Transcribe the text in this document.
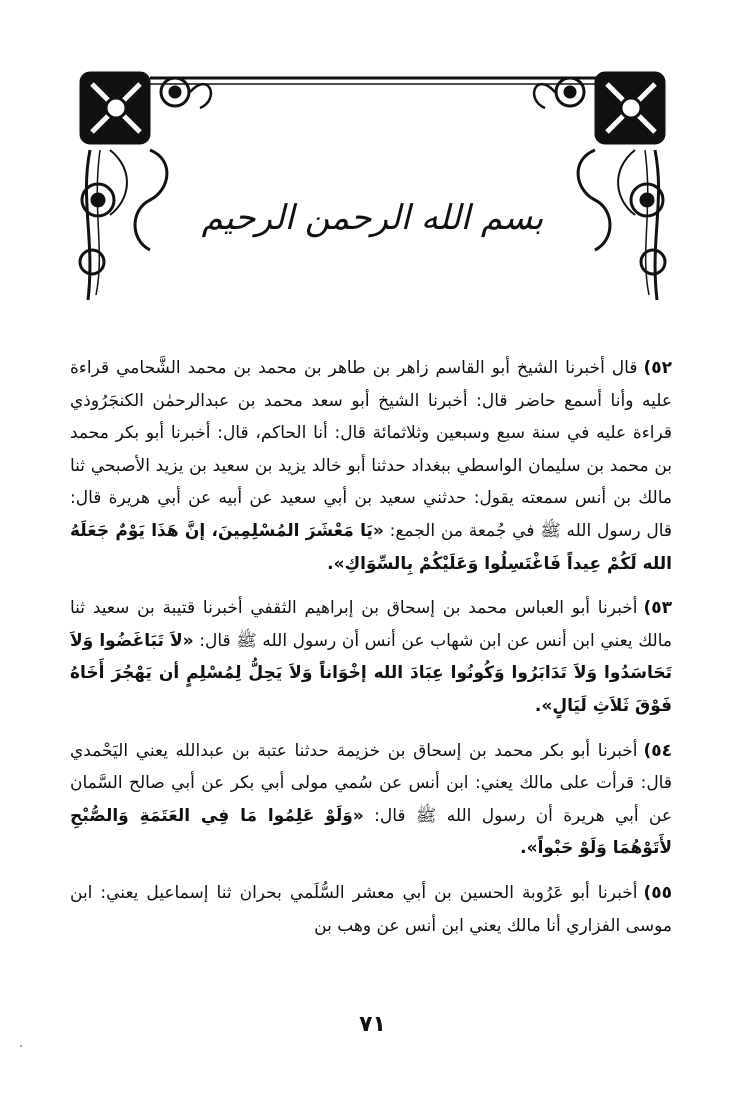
بسم الله الرحمن الرحيم

٥٢)قال أخبرنا الشيخ أبو القاسم زاهر بن طاهر بن محمد بن محمد الشَّحامي قراءة عليه وأنا أسمع حاضر قال: أخبرنا الشيخ أبو سعد محمد بن عبدالرحمٰن الكنجَرُوذي قراءة عليه في سنة سبع وسبعين وثلاثمائة قال: أنا الحاكم، قال: أخبرنا أبو بكر محمد بن محمد بن سليمان الواسطي ببغداد حدثنا أبو خالد يزيد بن سعيد بن يزيد الأصبحي ثنا مالك بن أنس سمعته يقول: حدثني سعيد بن أبي سعيد عن أبيه عن أبي هريرة قال: قال رسول الله ﷺ في جُمعة من الجمع: «يَا مَعْشَرَ المُسْلِمِينَ، إنَّ هَذَا يَوْمٌ جَعَلَهُ الله لَكُمْ عِيداً فَاغْتَسِلُوا وَعَلَيْكُمْ بِالسِّوَاكِ».

٥٣)أخبرنا أبو العباس محمد بن إسحاق بن إبراهيم الثقفي أخبرنا قتيبة بن سعيد ثنا مالك يعني ابن أنس عن ابن شهاب عن أنس أن رسول الله ﷺ قال: «لاَ تَبَاغَضُوا وَلاَ تَحَاسَدُوا وَلاَ تَدَابَرُوا وَكُونُوا عِبَادَ الله إخْوَاناً وَلاَ يَحِلُّ لِمُسْلِمٍ أن يَهْجُرَ أَخَاهُ فَوْقَ ثَلاَثِ لَيَالٍ».

٥٤)أخبرنا أبو بكر محمد بن إسحاق بن خزيمة حدثنا عتبة بن عبدالله يعني اليَحْمدي قال: قرأت على مالك يعني: ابن أنس عن سُمي مولى أبي بكر عن أبي صالح السَّمان عن أبي هريرة أن رسول الله ﷺ قال: «وَلَوْ عَلِمُوا مَا فِي العَتَمَةِ وَالصُّبْحِ لأَتَوْهُمَا وَلَوْ حَبْواً».

٥٥)أخبرنا أبو عَرُوبة الحسين بن أبي معشر السُّلَمي بحران ثنا إسماعيل يعني: ابن موسى الفزاري أنا مالك يعني ابن أنس عن وهب بن

٧١
